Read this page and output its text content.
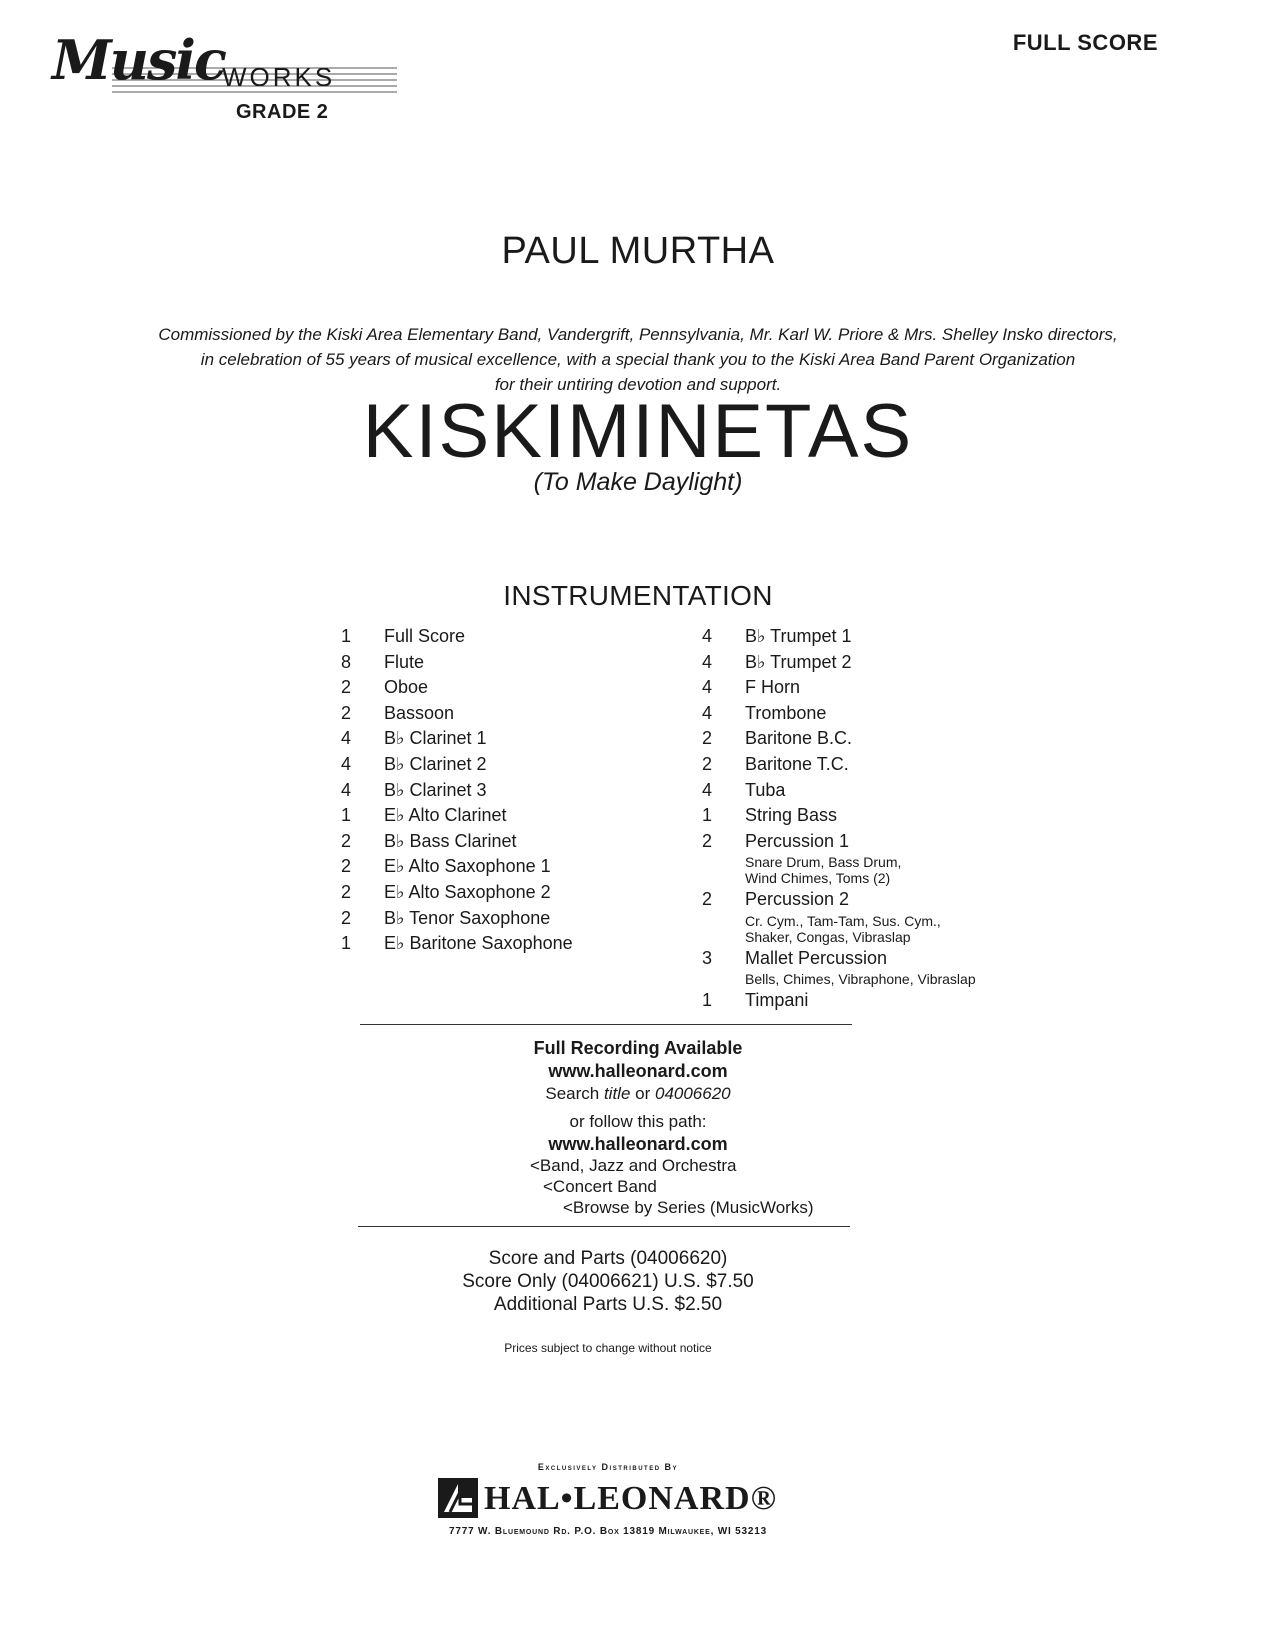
Music
WORKS
GRADE 2
FULL SCORE
PAUL MURTHA
Commissioned by the Kiski Area Elementary Band, Vandergrift, Pennsylvania, Mr. Karl W. Priore & Mrs. Shelley Insko directors,
in celebration of 55 years of musical excellence, with a special thank you to the Kiski Area Band Parent Organization
for their untiring devotion and support.
KISKIMINETAS
(To Make Daylight)
INSTRUMENTATION
1 Full Score
8 Flute
2 Oboe
2 Bassoon
4 B♭ Clarinet 1
4 B♭ Clarinet 2
4 B♭ Clarinet 3
1 E♭ Alto Clarinet
2 B♭ Bass Clarinet
2 E♭ Alto Saxophone 1
2 E♭ Alto Saxophone 2
2 B♭ Tenor Saxophone
1 E♭ Baritone Saxophone
4 B♭ Trumpet 1
4 B♭ Trumpet 2
4 F Horn
4 Trombone
2 Baritone B.C.
2 Baritone T.C.
4 Tuba
1 String Bass
2 Percussion 1
Snare Drum, Bass Drum,
Wind Chimes, Toms (2)
2 Percussion 2
Cr. Cym., Tam-Tam, Sus. Cym.,
Shaker, Congas, Vibraslap
3 Mallet Percussion
Bells, Chimes, Vibraphone, Vibraslap
1 Timpani
Full Recording Available
www.halleonard.com
Search title or 04006620
or follow this path:
www.halleonard.com
<Band, Jazz and Orchestra
<Concert Band
<Browse by Series (MusicWorks)
Score and Parts (04006620)
Score Only (04006621) U.S. $7.50
Additional Parts U.S. $2.50
Prices subject to change without notice
Exclusively Distributed By
HAL•LEONARD®
7777 W. Bluemound Rd. P.O. Box 13819 Milwaukee, WI 53213
